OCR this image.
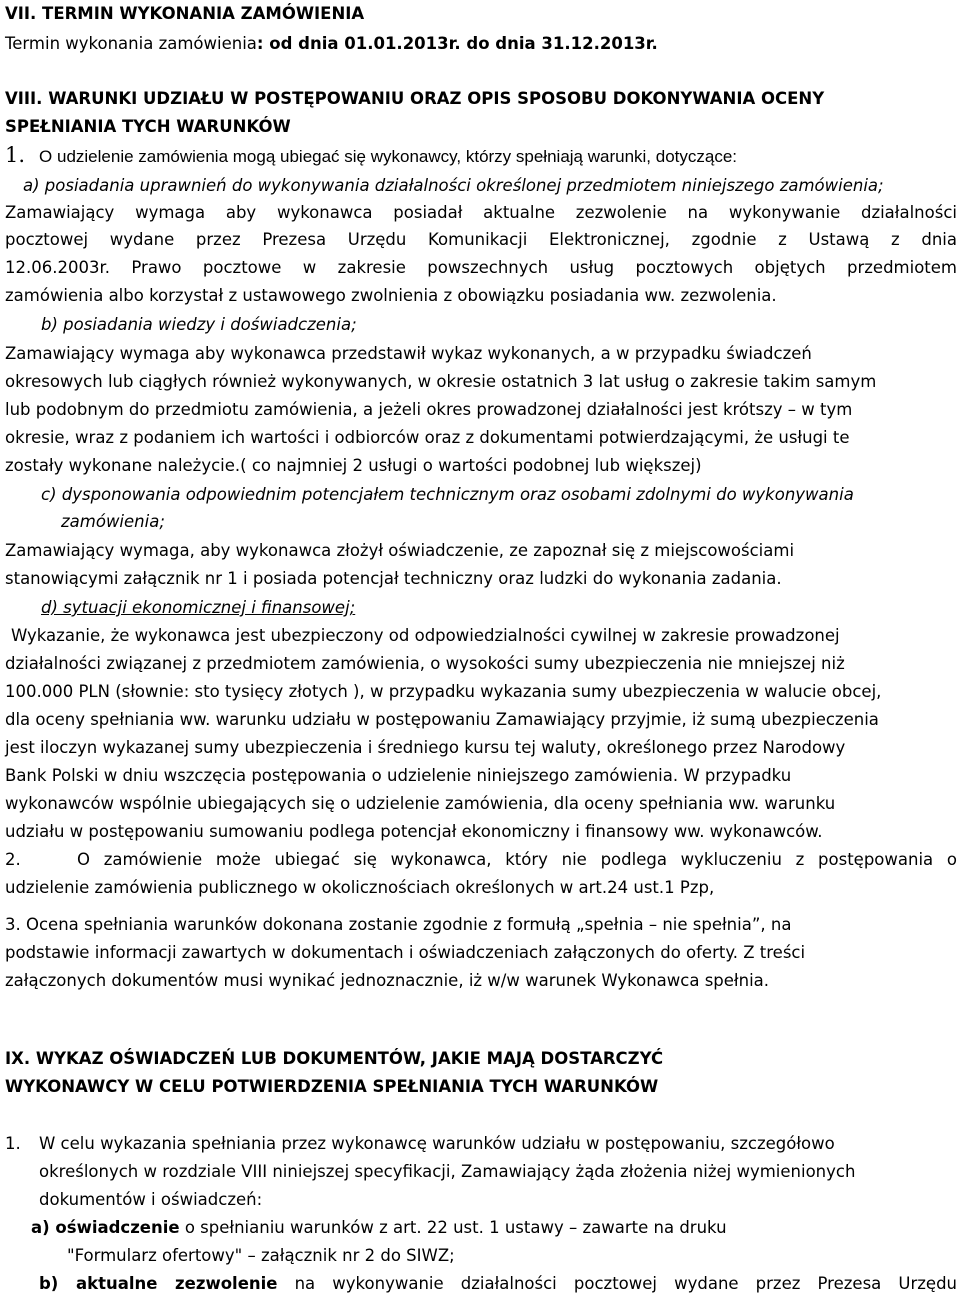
VII. TERMIN WYKONANIA ZAMÓWIENIA
Termin wykonania zamówienia: od dnia 01.01.2013r. do dnia 31.12.2013r.
VIII. WARUNKI UDZIAŁU W POSTĘPOWANIU ORAZ OPIS SPOSOBU DOKONYWANIA OCENY
SPEŁNIANIA TYCH WARUNKÓW
1. O udzielenie zamówienia mogą ubiegać się wykonawcy, którzy spełniają warunki, dotyczące:
a) posiadania uprawnień do wykonywania działalności określonej przedmiotem niniejszego zamówienia;
Zamawiający wymaga aby wykonawca posiadał aktualne zezwolenie na wykonywanie działalności
pocztowej wydane przez Prezesa Urzędu Komunikacji Elektronicznej, zgodnie z Ustawą z dnia
12.06.2003r. Prawo pocztowe w zakresie powszechnych usług pocztowych objętych przedmiotem
zamówienia albo korzystał z ustawowego zwolnienia z obowiązku posiadania ww. zezwolenia.
b) posiadania wiedzy i doświadczenia;
Zamawiający wymaga aby wykonawca przedstawił wykaz wykonanych, a w przypadku świadczeń
okresowych lub ciągłych również wykonywanych, w okresie ostatnich 3 lat usług o zakresie takim samym
lub podobnym do przedmiotu zamówienia, a jeżeli okres prowadzonej działalności jest krótszy – w tym
okresie, wraz z podaniem ich wartości i odbiorców oraz z dokumentami potwierdzającymi, że usługi te
zostały wykonane należycie.( co najmniej 2 usługi o wartości podobnej lub większej)
c) dysponowania odpowiednim potencjałem technicznym oraz osobami zdolnymi do wykonywania
zamówienia;
Zamawiający wymaga, aby wykonawca złożył oświadczenie, ze zapoznał się z miejscowościami
stanowiącymi załącznik nr 1 i posiada potencjał techniczny oraz ludzki do wykonania zadania.
d) sytuacji ekonomicznej i finansowej;
Wykazanie, że wykonawca jest ubezpieczony od odpowiedzialności cywilnej w zakresie prowadzonej
działalności związanej z przedmiotem zamówienia, o wysokości sumy ubezpieczenia nie mniejszej niż
100.000 PLN (słownie: sto tysięcy złotych ), w przypadku wykazania sumy ubezpieczenia w walucie obcej,
dla oceny spełniania ww. warunku udziału w postępowaniu Zamawiający przyjmie, iż sumą ubezpieczenia
jest iloczyn wykazanej sumy ubezpieczenia i średniego kursu tej waluty, określonego przez Narodowy
Bank Polski w dniu wszczęcia postępowania o udzielenie niniejszego zamówienia. W przypadku
wykonawców wspólnie ubiegających się o udzielenie zamówienia, dla oceny spełniania ww. warunku
udziału w postępowaniu sumowaniu podlega potencjał ekonomiczny i finansowy ww. wykonawców.
2.	O zamówienie może ubiegać się wykonawca, który nie podlega wykluczeniu z postępowania o
udzielenie zamówienia publicznego w okolicznościach określonych w art.24 ust.1 Pzp,
3. Ocena spełniania warunków dokonana zostanie zgodnie z formułą „spełnia – nie spełnia”, na
podstawie informacji zawartych w dokumentach i oświadczeniach załączonych do oferty. Z treści
załączonych dokumentów musi wynikać jednoznacznie, iż w/w warunek Wykonawca spełnia.
IX. WYKAZ OŚWIADCZEŃ LUB DOKUMENTÓW, JAKIE MAJĄ DOSTARCZYĆ
WYKONAWCY W CELU POTWIERDZENIA SPEŁNIANIA TYCH WARUNKÓW
1. W celu wykazania spełniania przez wykonawcę warunków udziału w postępowaniu, szczegółowo
określonych w rozdziale VIII niniejszej specyfikacji, Zamawiający żąda złożenia niżej wymienionych
dokumentów i oświadczeń:
a) oświadczenie o spełnianiu warunków z art. 22 ust. 1 ustawy – zawarte na druku
"Formularz ofertowy" – załącznik nr 2 do SIWZ;
b) aktualne zezwolenie na wykonywanie działalności pocztowej wydane przez Prezesa Urzędu
